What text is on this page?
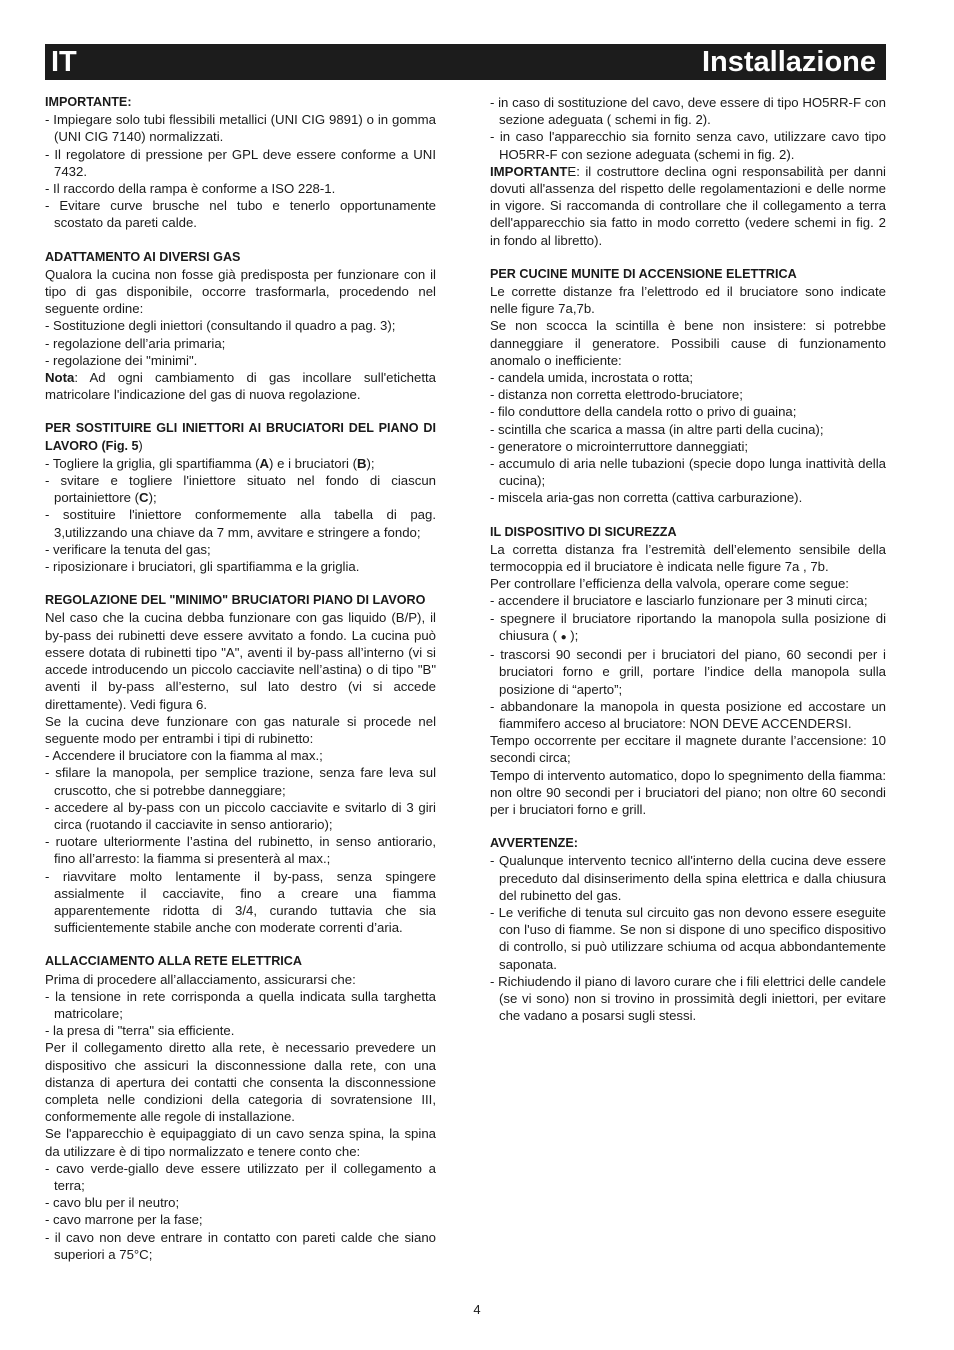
IT	Installazione
IMPORTANTE:
- Impiegare solo tubi flessibili metallici (UNI CIG 9891) o in gomma (UNI CIG 7140) normalizzati.
- Il regolatore di pressione per GPL deve essere conforme a UNI 7432.
- Il raccordo della rampa è conforme a ISO 228-1.
- Evitare curve brusche nel tubo e tenerlo opportunamente scostato da pareti calde.
ADATTAMENTO AI DIVERSI GAS

Qualora la cucina non fosse già predisposta per funzionare con il tipo di gas disponibile, occorre trasformarla, procedendo nel seguente ordine:

- Sostituzione degli iniettori (consultando il quadro a pag. 3);
- regolazione dell’aria primaria;
- regolazione dei "minimi".

Nota: Ad ogni cambiamento di gas incollare sull'etichetta matricolare l'indicazione del gas di nuova regolazione.

PER SOSTITUIRE GLI INIETTORI AI BRUCIATORI DEL PIANO DI LAVORO (Fig. 5)
- Togliere la griglia, gli spartifiamma (A) e i bruciatori (B);
- svitare e togliere l'iniettore situato nel fondo di ciascun portainiettore (C);
- sostituire l'iniettore conformemente alla tabella di pag. 3,utilizzando una chiave da 7 mm, avvitare e stringere a fondo;
- verificare la tenuta del gas;
- riposizionare i bruciatori, gli spartifiamma e la griglia.
REGOLAZIONE DEL "MINIMO" BRUCIATORI PIANO DI LAVORO

Nel caso che la cucina debba funzionare con gas liquido (B/P), il by-pass dei rubinetti deve essere avvitato a fondo. La cucina può essere dotata di rubinetti tipo "A", aventi il by-pass all’interno (vi si accede introducendo un piccolo cacciavite nell’astina) o di tipo "B" aventi il by-pass all’esterno, sul lato destro (vi si accede direttamente). Vedi figura 6.

Se la cucina deve funzionare con gas naturale si procede nel seguente modo per entrambi i tipi di rubinetto:

- Accendere il bruciatore con la fiamma al max.;
- sfilare la manopola, per semplice trazione, senza fare leva sul cruscotto, che si potrebbe danneggiare;
- accedere al by-pass con un piccolo cacciavite e svitarlo di 3 giri circa (ruotando il cacciavite in senso antiorario);
- ruotare ulteriormente l’astina del rubinetto, in senso antiorario, fino all’arresto: la fiamma si presenterà al max.;
- riavvitare molto lentamente il by-pass, senza spingere assialmente il cacciavite, fino a creare una fiamma apparentemente ridotta di 3/4, curando tuttavia che sia sufficientemente stabile anche con moderate correnti d’aria.
ALLACCIAMENTO ALLA RETE ELETTRICA

Prima di procedere all’allacciamento, assicurarsi che:

- la tensione in rete corrisponda a quella indicata sulla targhetta matricolare;
- la presa di "terra" sia efficiente.

Per il collegamento diretto alla rete, è necessario prevedere un dispositivo che assicuri la disconnessione dalla rete, con una distanza di apertura dei contatti che consenta la disconnessione completa nelle condizioni della categoria di sovratensione III, conformemente alle regole di installazione.

Se l'apparecchio è equipaggiato di un cavo senza spina, la spina da utilizzare è di tipo normalizzato e tenere conto che:

- cavo verde-giallo deve essere utilizzato per il collegamento a terra;
- cavo blu per il neutro;
- cavo marrone per la fase;
- il cavo non deve entrare in contatto con pareti calde che siano superiori a 75°C;
- in caso di sostituzione del cavo, deve essere di tipo HO5RR-F con sezione adeguata ( schemi in fig. 2).
- in caso l'apparecchio sia fornito senza cavo, utilizzare cavo tipo HO5RR-F con sezione adeguata (schemi in fig. 2).

IMPORTANTE: il costruttore declina ogni responsabilità per danni dovuti all'assenza del rispetto delle regolamentazioni e delle norme in vigore. Si raccomanda di controllare che il collegamento a terra dell'apparecchio sia fatto in modo corretto (vedere schemi in fig. 2 in fondo al libretto).

PER CUCINE MUNITE DI ACCENSIONE ELETTRICA

Le corrette distanze fra l’elettrodo ed il bruciatore sono indicate nelle figure 7a,7b.

Se non scocca la scintilla è bene non insistere: si potrebbe danneggiare il generatore. Possibili cause di funzionamento anomalo o inefficiente:

- candela umida, incrostata o rotta;
- distanza non corretta elettrodo-bruciatore;
- filo conduttore della candela rotto o privo di guaina;
- scintilla che scarica a massa (in altre parti della cucina);
- generatore o microinterruttore danneggiati;
- accumulo di aria nelle tubazioni (specie dopo lunga inattività della cucina);
- miscela aria-gas non corretta (cattiva carburazione).
IL DISPOSITIVO DI SICUREZZA

La corretta distanza fra l’estremità dell’elemento sensibile della termocoppia ed il bruciatore è indicata nelle figure 7a , 7b.

Per controllare l’efficienza della valvola, operare come segue:

- accendere il bruciatore e lasciarlo funzionare per 3 minuti circa;
- spegnere il bruciatore riportando la manopola sulla posizione di chiusura ( ● );
- trascorsi 90 secondi per i bruciatori del piano, 60 secondi per i bruciatori forno e grill, portare l’indice della manopola sulla posizione di “aperto”;
- abbandonare la manopola in questa posizione ed accostare un fiammifero acceso al bruciatore: NON DEVE ACCENDERSI.

Tempo occorrente per eccitare il magnete durante l’accensione: 10 secondi circa;

Tempo di intervento automatico, dopo lo spegnimento della fiamma: non oltre 90 secondi per i bruciatori del piano; non oltre 60 secondi per i bruciatori forno e grill.

AVVERTENZE:
- Qualunque intervento tecnico all'interno della cucina deve essere preceduto dal disinserimento della spina elettrica e dalla chiusura del rubinetto del gas.
- Le verifiche di tenuta sul circuito gas non devono essere eseguite con l'uso di fiamme. Se non si dispone di uno specifico dispositivo di controllo, si può utilizzare schiuma od acqua abbondantemente saponata.
- Richiudendo il piano di lavoro curare che i fili elettrici delle candele (se vi sono) non si trovino in prossimità degli iniettori, per evitare che vadano a posarsi sugli stessi.
4
